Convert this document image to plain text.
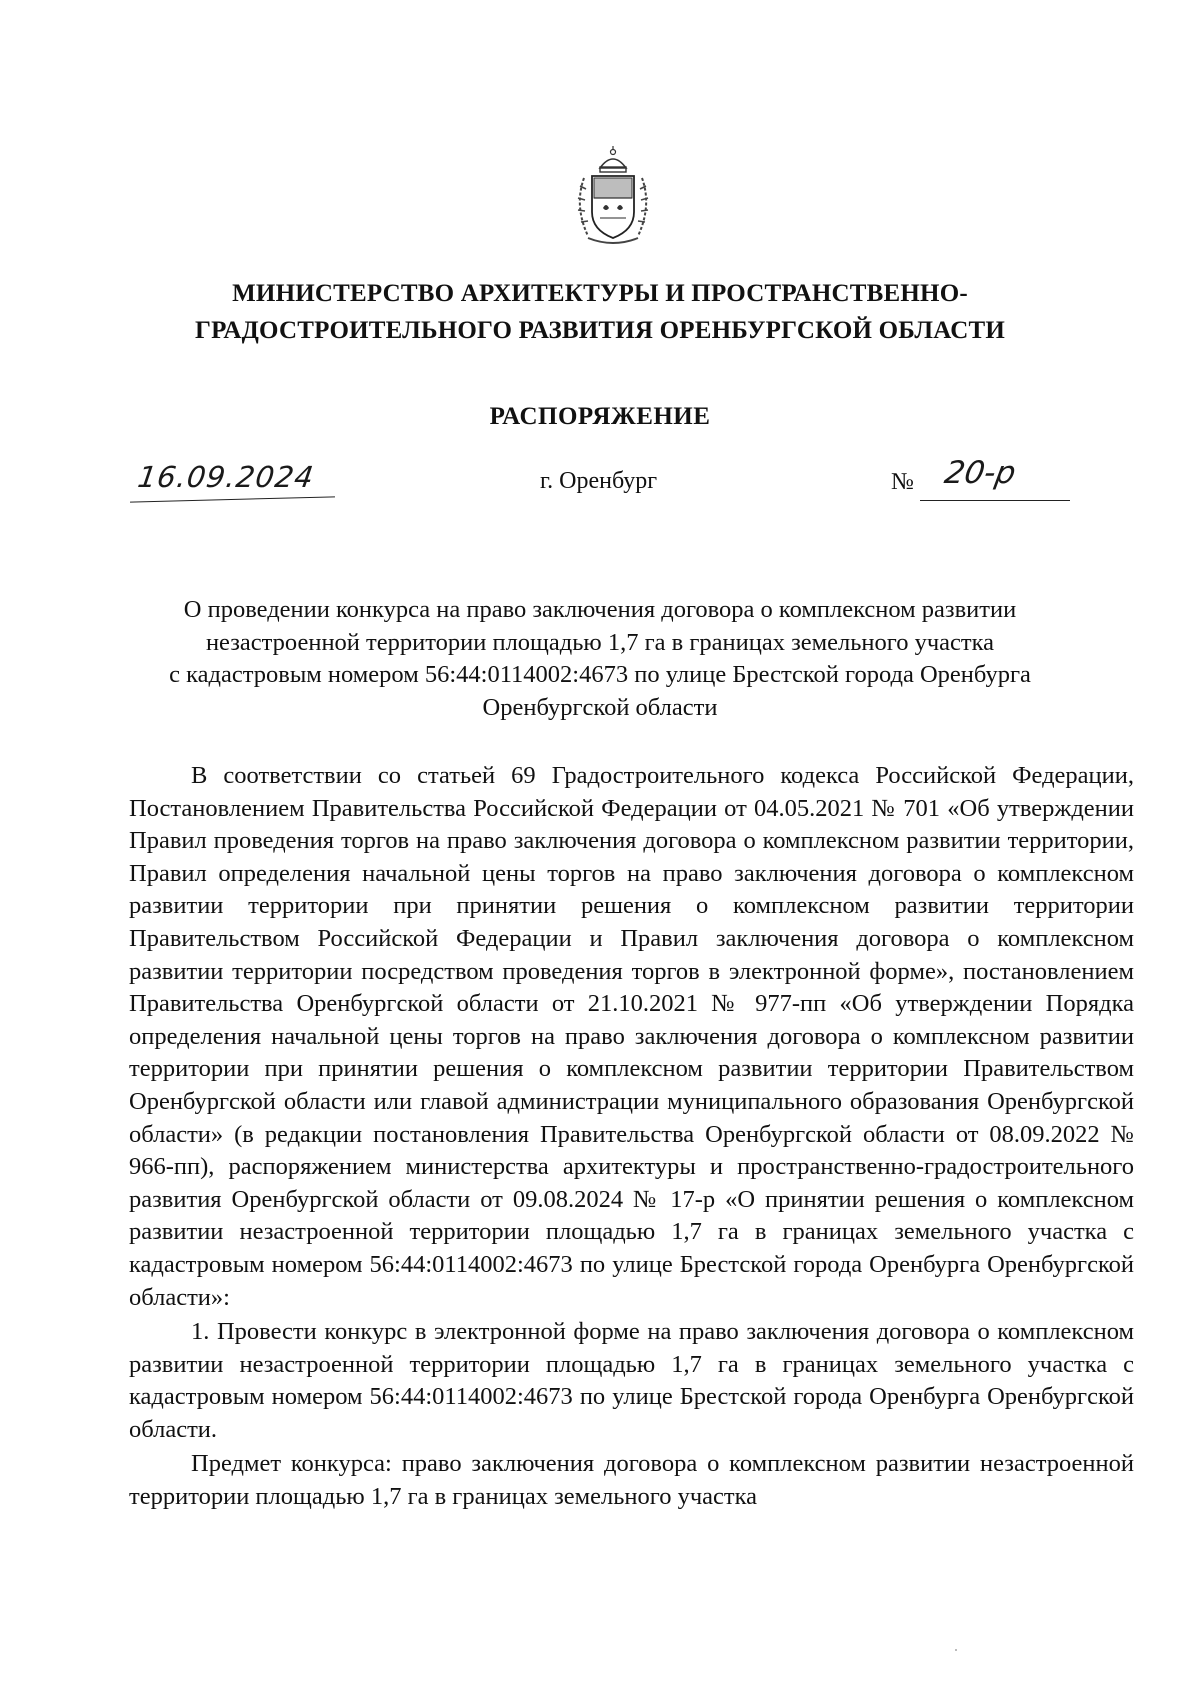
МИНИСТЕРСТВО АРХИТЕКТУРЫ И ПРОСТРАНСТВЕННО-
ГРАДОСТРОИТЕЛЬНОГО РАЗВИТИЯ ОРЕНБУРГСКОЙ ОБЛАСТИ
РАСПОРЯЖЕНИЕ
16.09.2024	г. Оренбург	№ 20-р
О проведении конкурса на право заключения договора о комплексном развитии
незастроенной территории площадью 1,7 га в границах земельного участка
с кадастровым номером 56:44:0114002:4673 по улице Брестской города Оренбурга
Оренбургской области

В соответствии со статьей 69 Градостроительного кодекса Российской Федерации, Постановлением Правительства Российской Федерации от 04.05.2021 № 701 «Об утверждении Правил проведения торгов на право заключения договора о комплексном развитии территории, Правил определения начальной цены торгов на право заключения договора о комплексном развитии территории при принятии решения о комплексном развитии территории Правительством Российской Федерации и Правил заключения договора о комплексном развитии территории посредством проведения торгов в электронной форме», постановлением Правительства Оренбургской области от 21.10.2021 № 977-пп «Об утверждении Порядка определения начальной цены торгов на право заключения договора о комплексном развитии территории при принятии решения о комплексном развитии территории Правительством Оренбургской области или главой администрации муниципального образования Оренбургской области» (в редакции постановления Правительства Оренбургской области от 08.09.2022 № 966-пп), распоряжением министерства архитектуры и пространственно-градостроительного развития Оренбургской области от 09.08.2024 № 17-р «О принятии решения о комплексном развитии незастроенной территории площадью 1,7 га в границах земельного участка с кадастровым номером 56:44:0114002:4673 по улице Брестской города Оренбурга Оренбургской области»:

1. Провести конкурс в электронной форме на право заключения договора о комплексном развитии незастроенной территории площадью 1,7 га в границах земельного участка с кадастровым номером 56:44:0114002:4673 по улице Брестской города Оренбурга Оренбургской области.

Предмет конкурса: право заключения договора о комплексном развитии незастроенной территории площадью 1,7 га в границах земельного участка
